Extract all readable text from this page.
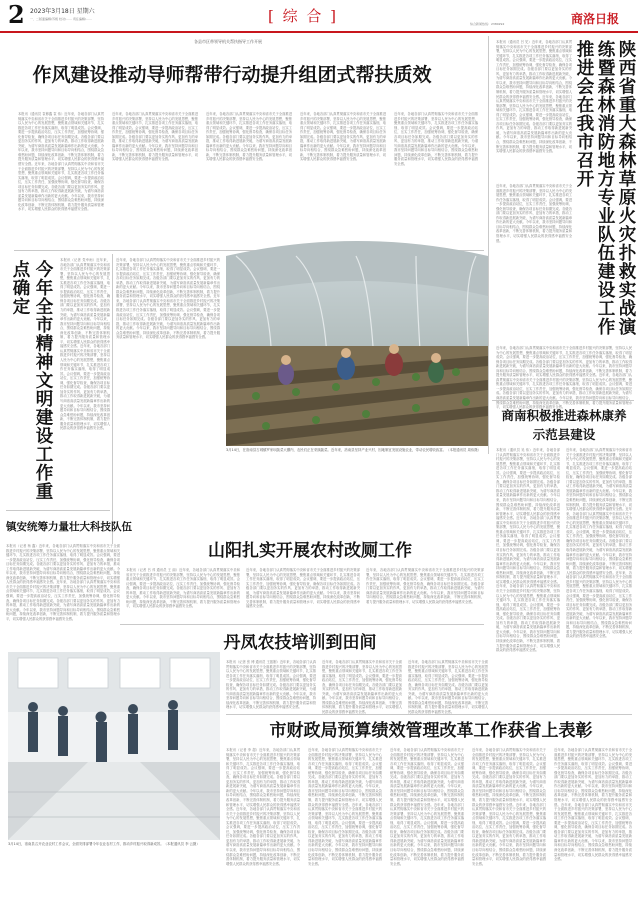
2 2023年3月18日 星期六
一、二版面编辑/苏炳 校对/…… 责任编辑/……	[ 综 合 ]	综合新闻热线：2380292	商洛日报
各县市区带领导机关帮扶指导工作开展
作风建设推动导师帮带行动提升组团式帮扶质效
本报讯（通讯员 袁修鑫 袁 伟）近年来，各地各部门认真贯彻落实中央和省市关于全面推进乡村振兴的决策部署，坚持以人民为中心的发展思想，聚焦重点领域和关键环节，扎实推进各项工作任务落实落细，取得了明显成效。会议强调，要进一步提高政治站位，压实工作责任，加强统筹协调，强化督导检查，确保各项目标任务如期完成。各级各部门要以更加务实的作风、更加有力的举措，推动工作取得新进展新突破，为谱写商洛高质量发展新篇章作出新的更大贡献。今年以来，我市坚持问题导向和目标导向相结合，围绕群众急难愁盼问题，持续深化改革创新，不断完善体制机制，着力提升服务质量和管理水平，切实增强人民群众的获得感幸福感安全感。近年来，各地各部门认真贯彻落实中央和省市关于全面推进乡村振兴的决策部署，坚持以人民为中心的发展思想，聚焦重点领域和关键环节，扎实推进各项工作任务落实落细，取得了明显成效。会议强调，要进一步提高政治站位，压实工作责任，加强统筹协调，强化督导检查，确保各项目标任务如期完成。各级各部门要以更加务实的作风、更加有力的举措，推动工作取得新进展新突破，为谱写商洛高质量发展新篇章作出新的更大贡献。今年以来，我市坚持问题导向和目标导向相结合，围绕群众急难愁盼问题，持续深化改革创新，不断完善体制机制，着力提升服务质量和管理水平，切实增强人民群众的获得感幸福感安全感。
近年来，各地各部门认真贯彻落实中央和省市关于全面推进乡村振兴的决策部署，坚持以人民为中心的发展思想，聚焦重点领域和关键环节，扎实推进各项工作任务落实落细，取得了明显成效。会议强调，要进一步提高政治站位，压实工作责任，加强统筹协调，强化督导检查，确保各项目标任务如期完成。各级各部门要以更加务实的作风、更加有力的举措，推动工作取得新进展新突破，为谱写商洛高质量发展新篇章作出新的更大贡献。今年以来，我市坚持问题导向和目标导向相结合，围绕群众急难愁盼问题，持续深化改革创新，不断完善体制机制，着力提升服务质量和管理水平，切实增强人民群众的获得感幸福感安全感。
近年来，各地各部门认真贯彻落实中央和省市关于全面推进乡村振兴的决策部署，坚持以人民为中心的发展思想，聚焦重点领域和关键环节，扎实推进各项工作任务落实落细，取得了明显成效。会议强调，要进一步提高政治站位，压实工作责任，加强统筹协调，强化督导检查，确保各项目标任务如期完成。各级各部门要以更加务实的作风、更加有力的举措，推动工作取得新进展新突破，为谱写商洛高质量发展新篇章作出新的更大贡献。今年以来，我市坚持问题导向和目标导向相结合，围绕群众急难愁盼问题，持续深化改革创新，不断完善体制机制，着力提升服务质量和管理水平，切实增强人民群众的获得感幸福感安全感。
近年来，各地各部门认真贯彻落实中央和省市关于全面推进乡村振兴的决策部署，坚持以人民为中心的发展思想，聚焦重点领域和关键环节，扎实推进各项工作任务落实落细，取得了明显成效。会议强调，要进一步提高政治站位，压实工作责任，加强统筹协调，强化督导检查，确保各项目标任务如期完成。各级各部门要以更加务实的作风、更加有力的举措，推动工作取得新进展新突破，为谱写商洛高质量发展新篇章作出新的更大贡献。今年以来，我市坚持问题导向和目标导向相结合，围绕群众急难愁盼问题，持续深化改革创新，不断完善体制机制，着力提升服务质量和管理水平，切实增强人民群众的获得感幸福感安全感。
近年来，各地各部门认真贯彻落实中央和省市关于全面推进乡村振兴的决策部署，坚持以人民为中心的发展思想，聚焦重点领域和关键环节，扎实推进各项工作任务落实落细，取得了明显成效。会议强调，要进一步提高政治站位，压实工作责任，加强统筹协调，强化督导检查，确保各项目标任务如期完成。各级各部门要以更加务实的作风、更加有力的举措，推动工作取得新进展新突破，为谱写商洛高质量发展新篇章作出新的更大贡献。今年以来，我市坚持问题导向和目标导向相结合，围绕群众急难愁盼问题，持续深化改革创新，不断完善体制机制，着力提升服务质量和管理水平，切实增强人民群众的获得感幸福感安全感。
本报讯（通讯员 吕 见）近年来，各地各部门认真贯彻落实中央和省市关于全面推进乡村振兴的决策部署，坚持以人民为中心的发展思想，聚焦重点领域和关键环节，扎实推进各项工作任务落实落细，取得了明显成效。会议强调，要进一步提高政治站位，压实工作责任，加强统筹协调，强化督导检查，确保各项目标任务如期完成。各级各部门要以更加务实的作风、更加有力的举措，推动工作取得新进展新突破，为谱写商洛高质量发展新篇章作出新的更大贡献。今年以来，我市坚持问题导向和目标导向相结合，围绕群众急难愁盼问题，持续深化改革创新，不断完善体制机制，着力提升服务质量和管理水平，切实增强人民群众的获得感幸福感安全感。近年来，各地各部门认真贯彻落实中央和省市关于全面推进乡村振兴的决策部署，坚持以人民为中心的发展思想，聚焦重点领域和关键环节，扎实推进各项工作任务落实落细，取得了明显成效。会议强调，要进一步提高政治站位，压实工作责任，加强统筹协调，强化督导检查，确保各项目标任务如期完成。各级各部门要以更加务实的作风、更加有力的举措，推动工作取得新进展新突破，为谱写商洛高质量发展新篇章作出新的更大贡献。今年以来，我市坚持问题导向和目标导向相结合，围绕群众急难愁盼问题，持续深化改革创新，不断完善体制机制，着力提升服务质量和管理水平，切实增强人民群众的获得感幸福感安全感。	陕西省重大森林草原火灾扑救实战演练暨森林消防地方专业队伍建设工作推进会在我市召开
近年来，各地各部门认真贯彻落实中央和省市关于全面推进乡村振兴的决策部署，坚持以人民为中心的发展思想，聚焦重点领域和关键环节，扎实推进各项工作任务落实落细，取得了明显成效。会议强调，要进一步提高政治站位，压实工作责任，加强统筹协调，强化督导检查，确保各项目标任务如期完成。各级各部门要以更加务实的作风、更加有力的举措，推动工作取得新进展新突破，为谱写商洛高质量发展新篇章作出新的更大贡献。今年以来，我市坚持问题导向和目标导向相结合，围绕群众急难愁盼问题，持续深化改革创新，不断完善体制机制，着力提升服务质量和管理水平，切实增强人民群众的获得感幸福感安全感。
近年来，各地各部门认真贯彻落实中央和省市关于全面推进乡村振兴的决策部署，坚持以人民为中心的发展思想，聚焦重点领域和关键环节，扎实推进各项工作任务落实落细，取得了明显成效。会议强调，要进一步提高政治站位，压实工作责任，加强统筹协调，强化督导检查，确保各项目标任务如期完成。各级各部门要以更加务实的作风、更加有力的举措，推动工作取得新进展新突破，为谱写商洛高质量发展新篇章作出新的更大贡献。今年以来，我市坚持问题导向和目标导向相结合，围绕群众急难愁盼问题，持续深化改革创新，不断完善体制机制，着力提升服务质量和管理水平，切实增强人民群众的获得感幸福感安全感。近年来，各地各部门认真贯彻落实中央和省市关于全面推进乡村振兴的决策部署，坚持以人民为中心的发展思想，聚焦重点领域和关键环节，扎实推进各项工作任务落实落细，取得了明显成效。会议强调，要进一步提高政治站位，压实工作责任，加强统筹协调，强化督导检查，确保各项目标任务如期完成。各级各部门要以更加务实的作风、更加有力的举措，推动工作取得新进展新突破，为谱写商洛高质量发展新篇章作出新的更大贡献。今年以来，我市坚持问题导向和目标导向相结合，围绕群众急难愁盼问题，持续深化改革创新，不断完善体制机制，着力提升服务质量和管理水平，切实增强人民群众的获得感幸福感安全感。
商南积极推进森林康养示范县建设
本报讯（通讯员 吴 伟）近年来，各地各部门认真贯彻落实中央和省市关于全面推进乡村振兴的决策部署，坚持以人民为中心的发展思想，聚焦重点领域和关键环节，扎实推进各项工作任务落实落细，取得了明显成效。会议强调，要进一步提高政治站位，压实工作责任，加强统筹协调，强化督导检查，确保各项目标任务如期完成。各级各部门要以更加务实的作风、更加有力的举措，推动工作取得新进展新突破，为谱写商洛高质量发展新篇章作出新的更大贡献。今年以来，我市坚持问题导向和目标导向相结合，围绕群众急难愁盼问题，持续深化改革创新，不断完善体制机制，着力提升服务质量和管理水平，切实增强人民群众的获得感幸福感安全感。近年来，各地各部门认真贯彻落实中央和省市关于全面推进乡村振兴的决策部署，坚持以人民为中心的发展思想，聚焦重点领域和关键环节，扎实推进各项工作任务落实落细，取得了明显成效。会议强调，要进一步提高政治站位，压实工作责任，加强统筹协调，强化督导检查，确保各项目标任务如期完成。各级各部门要以更加务实的作风、更加有力的举措，推动工作取得新进展新突破，为谱写商洛高质量发展新篇章作出新的更大贡献。今年以来，我市坚持问题导向和目标导向相结合，围绕群众急难愁盼问题，持续深化改革创新，不断完善体制机制，着力提升服务质量和管理水平，切实增强人民群众的获得感幸福感安全感。近年来，各地各部门认真贯彻落实中央和省市关于全面推进乡村振兴的决策部署，坚持以人民为中心的发展思想，聚焦重点领域和关键环节，扎实推进各项工作任务落实落细，取得了明显成效。会议强调，要进一步提高政治站位，压实工作责任，加强统筹协调，强化督导检查，确保各项目标任务如期完成。各级各部门要以更加务实的作风、更加有力的举措，推动工作取得新进展新突破，为谱写商洛高质量发展新篇章作出新的更大贡献。今年以来，我市坚持问题导向和目标导向相结合，围绕群众急难愁盼问题，持续深化改革创新，不断完善体制机制，着力提升服务质量和管理水平，切实增强人民群众的获得感幸福感安全感。
近年来，各地各部门认真贯彻落实中央和省市关于全面推进乡村振兴的决策部署，坚持以人民为中心的发展思想，聚焦重点领域和关键环节，扎实推进各项工作任务落实落细，取得了明显成效。会议强调，要进一步提高政治站位，压实工作责任，加强统筹协调，强化督导检查，确保各项目标任务如期完成。各级各部门要以更加务实的作风、更加有力的举措，推动工作取得新进展新突破，为谱写商洛高质量发展新篇章作出新的更大贡献。今年以来，我市坚持问题导向和目标导向相结合，围绕群众急难愁盼问题，持续深化改革创新，不断完善体制机制，着力提升服务质量和管理水平，切实增强人民群众的获得感幸福感安全感。近年来，各地各部门认真贯彻落实中央和省市关于全面推进乡村振兴的决策部署，坚持以人民为中心的发展思想，聚焦重点领域和关键环节，扎实推进各项工作任务落实落细，取得了明显成效。会议强调，要进一步提高政治站位，压实工作责任，加强统筹协调，强化督导检查，确保各项目标任务如期完成。各级各部门要以更加务实的作风、更加有力的举措，推动工作取得新进展新突破，为谱写商洛高质量发展新篇章作出新的更大贡献。今年以来，我市坚持问题导向和目标导向相结合，围绕群众急难愁盼问题，持续深化改革创新，不断完善体制机制，着力提升服务质量和管理水平，切实增强人民群众的获得感幸福感安全感。近年来，各地各部门认真贯彻落实中央和省市关于全面推进乡村振兴的决策部署，坚持以人民为中心的发展思想，聚焦重点领域和关键环节，扎实推进各项工作任务落实落细，取得了明显成效。会议强调，要进一步提高政治站位，压实工作责任，加强统筹协调，强化督导检查，确保各项目标任务如期完成。各级各部门要以更加务实的作风、更加有力的举措，推动工作取得新进展新突破，为谱写商洛高质量发展新篇章作出新的更大贡献。今年以来，我市坚持问题导向和目标导向相结合，围绕群众急难愁盼问题，持续深化改革创新，不断完善体制机制，着力提升服务质量和管理水平，切实增强人民群众的获得感幸福感安全感。
今年全市精神文明建设工作重点确定	本报讯（记者 党幸雨）近年来，各地各部门认真贯彻落实中央和省市关于全面推进乡村振兴的决策部署，坚持以人民为中心的发展思想，聚焦重点领域和关键环节，扎实推进各项工作任务落实落细，取得了明显成效。会议强调，要进一步提高政治站位，压实工作责任，加强统筹协调，强化督导检查，确保各项目标任务如期完成。各级各部门要以更加务实的作风、更加有力的举措，推动工作取得新进展新突破，为谱写商洛高质量发展新篇章作出新的更大贡献。今年以来，我市坚持问题导向和目标导向相结合，围绕群众急难愁盼问题，持续深化改革创新，不断完善体制机制，着力提升服务质量和管理水平，切实增强人民群众的获得感幸福感安全感。近年来，各地各部门认真贯彻落实中央和省市关于全面推进乡村振兴的决策部署，坚持以人民为中心的发展思想，聚焦重点领域和关键环节，扎实推进各项工作任务落实落细，取得了明显成效。会议强调，要进一步提高政治站位，压实工作责任，加强统筹协调，强化督导检查，确保各项目标任务如期完成。各级各部门要以更加务实的作风、更加有力的举措，推动工作取得新进展新突破，为谱写商洛高质量发展新篇章作出新的更大贡献。今年以来，我市坚持问题导向和目标导向相结合，围绕群众急难愁盼问题，持续深化改革创新，不断完善体制机制，着力提升服务质量和管理水平，切实增强人民群众的获得感幸福感安全感。
近年来，各地各部门认真贯彻落实中央和省市关于全面推进乡村振兴的决策部署，坚持以人民为中心的发展思想，聚焦重点领域和关键环节，扎实推进各项工作任务落实落细，取得了明显成效。会议强调，要进一步提高政治站位，压实工作责任，加强统筹协调，强化督导检查，确保各项目标任务如期完成。各级各部门要以更加务实的作风、更加有力的举措，推动工作取得新进展新突破，为谱写商洛高质量发展新篇章作出新的更大贡献。今年以来，我市坚持问题导向和目标导向相结合，围绕群众急难愁盼问题，持续深化改革创新，不断完善体制机制，着力提升服务质量和管理水平，切实增强人民群众的获得感幸福感安全感。近年来，各地各部门认真贯彻落实中央和省市关于全面推进乡村振兴的决策部署，坚持以人民为中心的发展思想，聚焦重点领域和关键环节，扎实推进各项工作任务落实落细，取得了明显成效。会议强调，要进一步提高政治站位，压实工作责任，加强统筹协调，强化督导检查，确保各项目标任务如期完成。各级各部门要以更加务实的作风、更加有力的举措，推动工作取得新进展新突破，为谱写商洛高质量发展新篇章作出新的更大贡献。今年以来，我市坚持问题导向和目标导向相结合，围绕群众急难愁盼问题，持续深化改革创新，不断完善体制机制，着力提升服务质量和管理水平，切实增强人民群众的获得感幸福感安全感。
3月14日，在洛南县古城镇罗家坝蔬菜大棚内，农民们正在采摘蔬菜。近年来，洛南县坚持产业兴村，因地制宜发展设施农业，带动农民增收致富。（本报通讯员 周伟摄）
山阳扎实开展农村改厕工作
本报讯（记者 吕 茸 通讯员 王 丽）近年来，各地各部门认真贯彻落实中央和省市关于全面推进乡村振兴的决策部署，坚持以人民为中心的发展思想，聚焦重点领域和关键环节，扎实推进各项工作任务落实落细，取得了明显成效。会议强调，要进一步提高政治站位，压实工作责任，加强统筹协调，强化督导检查，确保各项目标任务如期完成。各级各部门要以更加务实的作风、更加有力的举措，推动工作取得新进展新突破，为谱写商洛高质量发展新篇章作出新的更大贡献。今年以来，我市坚持问题导向和目标导向相结合，围绕群众急难愁盼问题，持续深化改革创新，不断完善体制机制，着力提升服务质量和管理水平，切实增强人民群众的获得感幸福感安全感。
近年来，各地各部门认真贯彻落实中央和省市关于全面推进乡村振兴的决策部署，坚持以人民为中心的发展思想，聚焦重点领域和关键环节，扎实推进各项工作任务落实落细，取得了明显成效。会议强调，要进一步提高政治站位，压实工作责任，加强统筹协调，强化督导检查，确保各项目标任务如期完成。各级各部门要以更加务实的作风、更加有力的举措，推动工作取得新进展新突破，为谱写商洛高质量发展新篇章作出新的更大贡献。今年以来，我市坚持问题导向和目标导向相结合，围绕群众急难愁盼问题，持续深化改革创新，不断完善体制机制，着力提升服务质量和管理水平，切实增强人民群众的获得感幸福感安全感。
近年来，各地各部门认真贯彻落实中央和省市关于全面推进乡村振兴的决策部署，坚持以人民为中心的发展思想，聚焦重点领域和关键环节，扎实推进各项工作任务落实落细，取得了明显成效。会议强调，要进一步提高政治站位，压实工作责任，加强统筹协调，强化督导检查，确保各项目标任务如期完成。各级各部门要以更加务实的作风、更加有力的举措，推动工作取得新进展新突破，为谱写商洛高质量发展新篇章作出新的更大贡献。今年以来，我市坚持问题导向和目标导向相结合，围绕群众急难愁盼问题，持续深化改革创新，不断完善体制机制，着力提升服务质量和管理水平，切实增强人民群众的获得感幸福感安全感。
镇安统筹力量壮大科技队伍
本报讯（记者 杨 鑫）近年来，各地各部门认真贯彻落实中央和省市关于全面推进乡村振兴的决策部署，坚持以人民为中心的发展思想，聚焦重点领域和关键环节，扎实推进各项工作任务落实落细，取得了明显成效。会议强调，要进一步提高政治站位，压实工作责任，加强统筹协调，强化督导检查，确保各项目标任务如期完成。各级各部门要以更加务实的作风、更加有力的举措，推动工作取得新进展新突破，为谱写商洛高质量发展新篇章作出新的更大贡献。今年以来，我市坚持问题导向和目标导向相结合，围绕群众急难愁盼问题，持续深化改革创新，不断完善体制机制，着力提升服务质量和管理水平，切实增强人民群众的获得感幸福感安全感。近年来，各地各部门认真贯彻落实中央和省市关于全面推进乡村振兴的决策部署，坚持以人民为中心的发展思想，聚焦重点领域和关键环节，扎实推进各项工作任务落实落细，取得了明显成效。会议强调，要进一步提高政治站位，压实工作责任，加强统筹协调，强化督导检查，确保各项目标任务如期完成。各级各部门要以更加务实的作风、更加有力的举措，推动工作取得新进展新突破，为谱写商洛高质量发展新篇章作出新的更大贡献。今年以来，我市坚持问题导向和目标导向相结合，围绕群众急难愁盼问题，持续深化改革创新，不断完善体制机制，着力提升服务质量和管理水平，切实增强人民群众的获得感幸福感安全感。
丹凤农技培训到田间
本报讯（记者 张 博 通讯员 王振刚）近年来，各地各部门认真贯彻落实中央和省市关于全面推进乡村振兴的决策部署，坚持以人民为中心的发展思想，聚焦重点领域和关键环节，扎实推进各项工作任务落实落细，取得了明显成效。会议强调，要进一步提高政治站位，压实工作责任，加强统筹协调，强化督导检查，确保各项目标任务如期完成。各级各部门要以更加务实的作风、更加有力的举措，推动工作取得新进展新突破，为谱写商洛高质量发展新篇章作出新的更大贡献。今年以来，我市坚持问题导向和目标导向相结合，围绕群众急难愁盼问题，持续深化改革创新，不断完善体制机制，着力提升服务质量和管理水平，切实增强人民群众的获得感幸福感安全感。
近年来，各地各部门认真贯彻落实中央和省市关于全面推进乡村振兴的决策部署，坚持以人民为中心的发展思想，聚焦重点领域和关键环节，扎实推进各项工作任务落实落细，取得了明显成效。会议强调，要进一步提高政治站位，压实工作责任，加强统筹协调，强化督导检查，确保各项目标任务如期完成。各级各部门要以更加务实的作风、更加有力的举措，推动工作取得新进展新突破，为谱写商洛高质量发展新篇章作出新的更大贡献。今年以来，我市坚持问题导向和目标导向相结合，围绕群众急难愁盼问题，持续深化改革创新，不断完善体制机制，着力提升服务质量和管理水平，切实增强人民群众的获得感幸福感安全感。
近年来，各地各部门认真贯彻落实中央和省市关于全面推进乡村振兴的决策部署，坚持以人民为中心的发展思想，聚焦重点领域和关键环节，扎实推进各项工作任务落实落细，取得了明显成效。会议强调，要进一步提高政治站位，压实工作责任，加强统筹协调，强化督导检查，确保各项目标任务如期完成。各级各部门要以更加务实的作风、更加有力的举措，推动工作取得新进展新突破，为谱写商洛高质量发展新篇章作出新的更大贡献。今年以来，我市坚持问题导向和目标导向相结合，围绕群众急难愁盼问题，持续深化改革创新，不断完善体制机制，着力提升服务质量和管理水平，切实增强人民群众的获得感幸福感安全感。
3月14日，洛南县召开农业农村工作会议，全面安排部署今年农业农村工作，推动乡村振兴取得新成效。（本报通讯员 李 云摄）
市财政局预算绩效管理改革工作获省上表彰
本报讯（记者 李 超）近年来，各地各部门认真贯彻落实中央和省市关于全面推进乡村振兴的决策部署，坚持以人民为中心的发展思想，聚焦重点领域和关键环节，扎实推进各项工作任务落实落细，取得了明显成效。会议强调，要进一步提高政治站位，压实工作责任，加强统筹协调，强化督导检查，确保各项目标任务如期完成。各级各部门要以更加务实的作风、更加有力的举措，推动工作取得新进展新突破，为谱写商洛高质量发展新篇章作出新的更大贡献。今年以来，我市坚持问题导向和目标导向相结合，围绕群众急难愁盼问题，持续深化改革创新，不断完善体制机制，着力提升服务质量和管理水平，切实增强人民群众的获得感幸福感安全感。近年来，各地各部门认真贯彻落实中央和省市关于全面推进乡村振兴的决策部署，坚持以人民为中心的发展思想，聚焦重点领域和关键环节，扎实推进各项工作任务落实落细，取得了明显成效。会议强调，要进一步提高政治站位，压实工作责任，加强统筹协调，强化督导检查，确保各项目标任务如期完成。各级各部门要以更加务实的作风、更加有力的举措，推动工作取得新进展新突破，为谱写商洛高质量发展新篇章作出新的更大贡献。今年以来，我市坚持问题导向和目标导向相结合，围绕群众急难愁盼问题，持续深化改革创新，不断完善体制机制，着力提升服务质量和管理水平，切实增强人民群众的获得感幸福感安全感。
近年来，各地各部门认真贯彻落实中央和省市关于全面推进乡村振兴的决策部署，坚持以人民为中心的发展思想，聚焦重点领域和关键环节，扎实推进各项工作任务落实落细，取得了明显成效。会议强调，要进一步提高政治站位，压实工作责任，加强统筹协调，强化督导检查，确保各项目标任务如期完成。各级各部门要以更加务实的作风、更加有力的举措，推动工作取得新进展新突破，为谱写商洛高质量发展新篇章作出新的更大贡献。今年以来，我市坚持问题导向和目标导向相结合，围绕群众急难愁盼问题，持续深化改革创新，不断完善体制机制，着力提升服务质量和管理水平，切实增强人民群众的获得感幸福感安全感。近年来，各地各部门认真贯彻落实中央和省市关于全面推进乡村振兴的决策部署，坚持以人民为中心的发展思想，聚焦重点领域和关键环节，扎实推进各项工作任务落实落细，取得了明显成效。会议强调，要进一步提高政治站位，压实工作责任，加强统筹协调，强化督导检查，确保各项目标任务如期完成。各级各部门要以更加务实的作风、更加有力的举措，推动工作取得新进展新突破，为谱写商洛高质量发展新篇章作出新的更大贡献。今年以来，我市坚持问题导向和目标导向相结合，围绕群众急难愁盼问题，持续深化改革创新，不断完善体制机制，着力提升服务质量和管理水平，切实增强人民群众的获得感幸福感安全感。
近年来，各地各部门认真贯彻落实中央和省市关于全面推进乡村振兴的决策部署，坚持以人民为中心的发展思想，聚焦重点领域和关键环节，扎实推进各项工作任务落实落细，取得了明显成效。会议强调，要进一步提高政治站位，压实工作责任，加强统筹协调，强化督导检查，确保各项目标任务如期完成。各级各部门要以更加务实的作风、更加有力的举措，推动工作取得新进展新突破，为谱写商洛高质量发展新篇章作出新的更大贡献。今年以来，我市坚持问题导向和目标导向相结合，围绕群众急难愁盼问题，持续深化改革创新，不断完善体制机制，着力提升服务质量和管理水平，切实增强人民群众的获得感幸福感安全感。近年来，各地各部门认真贯彻落实中央和省市关于全面推进乡村振兴的决策部署，坚持以人民为中心的发展思想，聚焦重点领域和关键环节，扎实推进各项工作任务落实落细，取得了明显成效。会议强调，要进一步提高政治站位，压实工作责任，加强统筹协调，强化督导检查，确保各项目标任务如期完成。各级各部门要以更加务实的作风、更加有力的举措，推动工作取得新进展新突破，为谱写商洛高质量发展新篇章作出新的更大贡献。今年以来，我市坚持问题导向和目标导向相结合，围绕群众急难愁盼问题，持续深化改革创新，不断完善体制机制，着力提升服务质量和管理水平，切实增强人民群众的获得感幸福感安全感。
近年来，各地各部门认真贯彻落实中央和省市关于全面推进乡村振兴的决策部署，坚持以人民为中心的发展思想，聚焦重点领域和关键环节，扎实推进各项工作任务落实落细，取得了明显成效。会议强调，要进一步提高政治站位，压实工作责任，加强统筹协调，强化督导检查，确保各项目标任务如期完成。各级各部门要以更加务实的作风、更加有力的举措，推动工作取得新进展新突破，为谱写商洛高质量发展新篇章作出新的更大贡献。今年以来，我市坚持问题导向和目标导向相结合，围绕群众急难愁盼问题，持续深化改革创新，不断完善体制机制，着力提升服务质量和管理水平，切实增强人民群众的获得感幸福感安全感。近年来，各地各部门认真贯彻落实中央和省市关于全面推进乡村振兴的决策部署，坚持以人民为中心的发展思想，聚焦重点领域和关键环节，扎实推进各项工作任务落实落细，取得了明显成效。会议强调，要进一步提高政治站位，压实工作责任，加强统筹协调，强化督导检查，确保各项目标任务如期完成。各级各部门要以更加务实的作风、更加有力的举措，推动工作取得新进展新突破，为谱写商洛高质量发展新篇章作出新的更大贡献。今年以来，我市坚持问题导向和目标导向相结合，围绕群众急难愁盼问题，持续深化改革创新，不断完善体制机制，着力提升服务质量和管理水平，切实增强人民群众的获得感幸福感安全感。
近年来，各地各部门认真贯彻落实中央和省市关于全面推进乡村振兴的决策部署，坚持以人民为中心的发展思想，聚焦重点领域和关键环节，扎实推进各项工作任务落实落细，取得了明显成效。会议强调，要进一步提高政治站位，压实工作责任，加强统筹协调，强化督导检查，确保各项目标任务如期完成。各级各部门要以更加务实的作风、更加有力的举措，推动工作取得新进展新突破，为谱写商洛高质量发展新篇章作出新的更大贡献。今年以来，我市坚持问题导向和目标导向相结合，围绕群众急难愁盼问题，持续深化改革创新，不断完善体制机制，着力提升服务质量和管理水平，切实增强人民群众的获得感幸福感安全感。近年来，各地各部门认真贯彻落实中央和省市关于全面推进乡村振兴的决策部署，坚持以人民为中心的发展思想，聚焦重点领域和关键环节，扎实推进各项工作任务落实落细，取得了明显成效。会议强调，要进一步提高政治站位，压实工作责任，加强统筹协调，强化督导检查，确保各项目标任务如期完成。各级各部门要以更加务实的作风、更加有力的举措，推动工作取得新进展新突破，为谱写商洛高质量发展新篇章作出新的更大贡献。今年以来，我市坚持问题导向和目标导向相结合，围绕群众急难愁盼问题，持续深化改革创新，不断完善体制机制，着力提升服务质量和管理水平，切实增强人民群众的获得感幸福感安全感。
